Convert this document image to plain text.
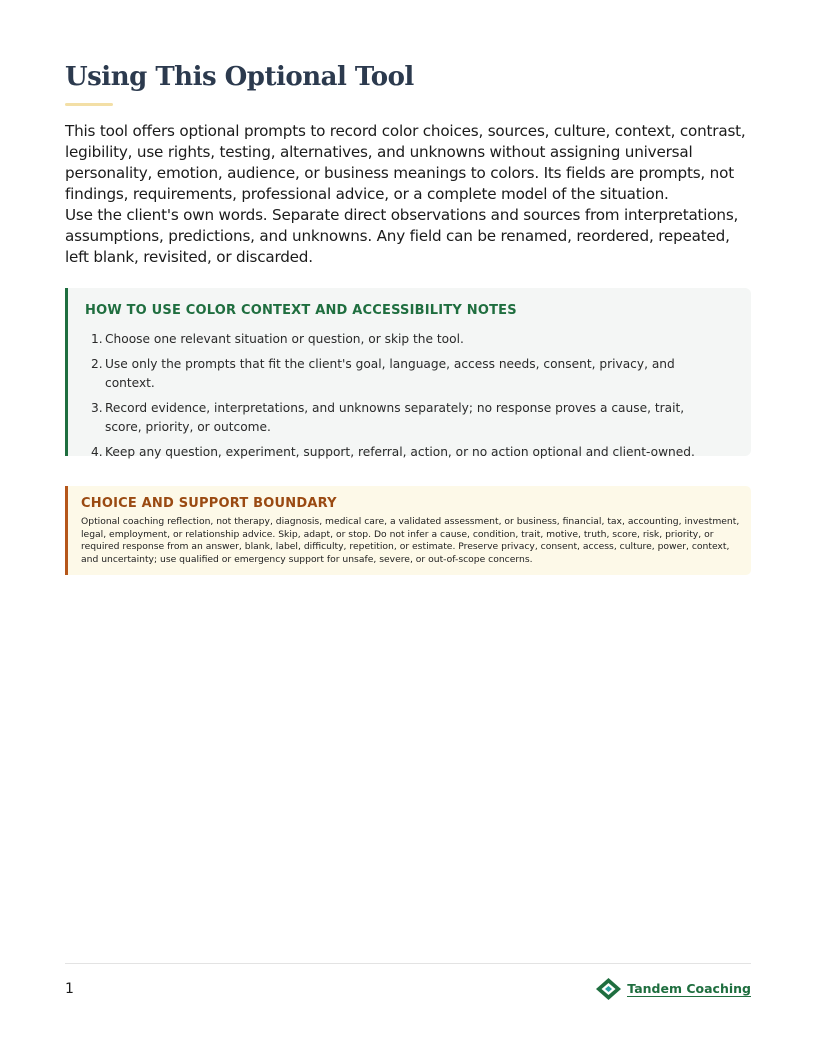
Using This Optional Tool

This tool offers optional prompts to record color choices, sources, culture, context, contrast, legibility, use rights, testing, alternatives, and unknowns without assigning universal personality, emotion, audience, or business meanings to colors. Its fields are prompts, not findings, requirements, professional advice, or a complete model of the situation.

Use the client's own words. Separate direct observations and sources from interpretations, assumptions, predictions, and unknowns. Any field can be renamed, reordered, repeated, left blank, revisited, or discarded.

HOW TO USE COLOR CONTEXT AND ACCESSIBILITY NOTES
1. Choose one relevant situation or question, or skip the tool.
2. Use only the prompts that fit the client's goal, language, access needs, consent, privacy, and context.
3. Record evidence, interpretations, and unknowns separately; no response proves a cause, trait, score, priority, or outcome.
4. Keep any question, experiment, support, referral, action, or no action optional and client-owned.
CHOICE AND SUPPORT BOUNDARY

Optional coaching reflection, not therapy, diagnosis, medical care, a validated assessment, or business, financial, tax, accounting, investment, legal, employment, or relationship advice. Skip, adapt, or stop. Do not infer a cause, condition, trait, motive, truth, score, risk, priority, or required response from an answer, blank, label, difficulty, repetition, or estimate. Preserve privacy, consent, access, culture, power, context, and uncertainty; use qualified or emergency support for unsafe, severe, or out-of-scope concerns.

1	Tandem Coaching
